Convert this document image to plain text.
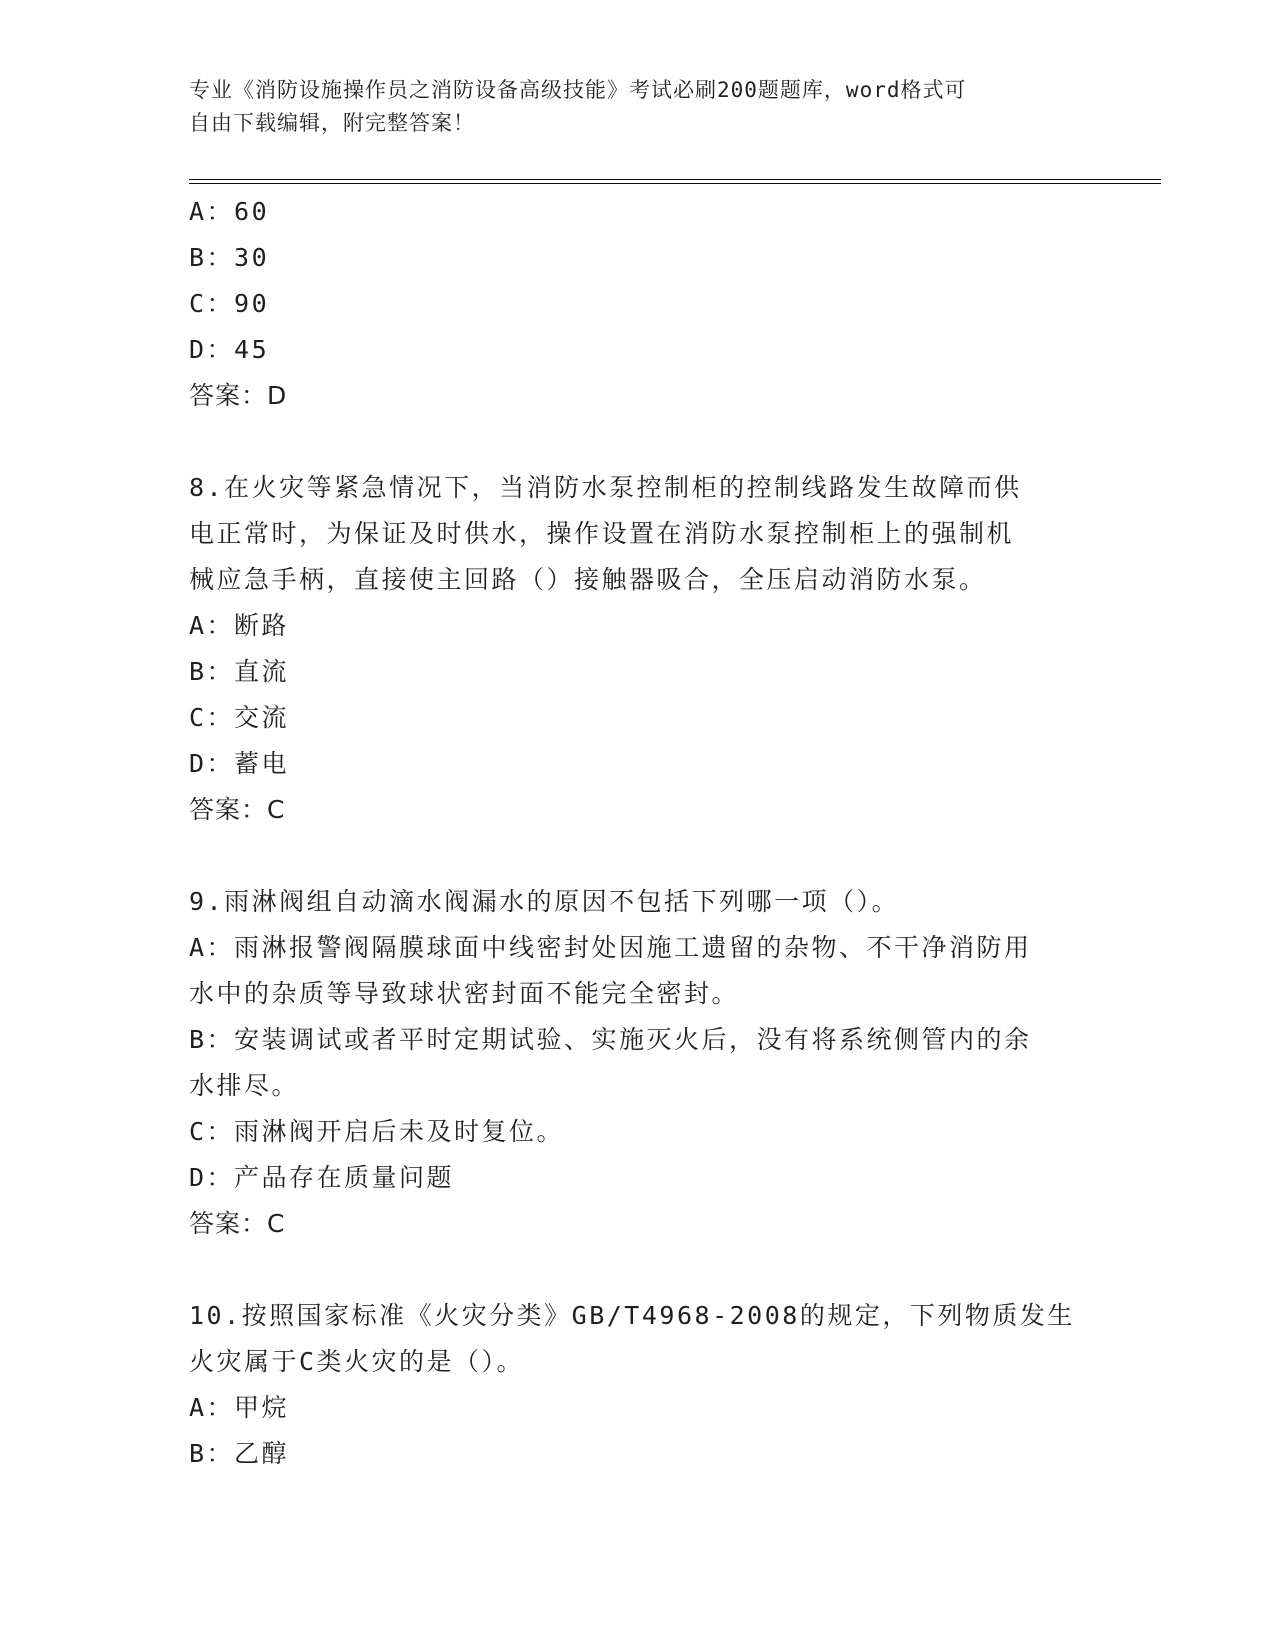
专业《消防设施操作员之消防设备高级技能》考试必刷200题题库，word格式可
自由下载编辑，附完整答案！
A：60
B：30
C：90
D：45
答案：D
8.在火灾等紧急情况下，当消防水泵控制柜的控制线路发生故障而供
电正常时，为保证及时供水，操作设置在消防水泵控制柜上的强制机
械应急手柄，直接使主回路（）接触器吸合，全压启动消防水泵。
A：断路
B：直流
C：交流
D：蓄电
答案：C
9.雨淋阀组自动滴水阀漏水的原因不包括下列哪一项（）。
A：雨淋报警阀隔膜球面中线密封处因施工遗留的杂物、不干净消防用
水中的杂质等导致球状密封面不能完全密封。
B：安装调试或者平时定期试验、实施灭火后，没有将系统侧管内的余
水排尽。
C：雨淋阀开启后未及时复位。
D：产品存在质量问题
答案：C
10.按照国家标准《火灾分类》GB/T4968-2008的规定，下列物质发生
火灾属于C类火灾的是（）。
A：甲烷
B：乙醇
